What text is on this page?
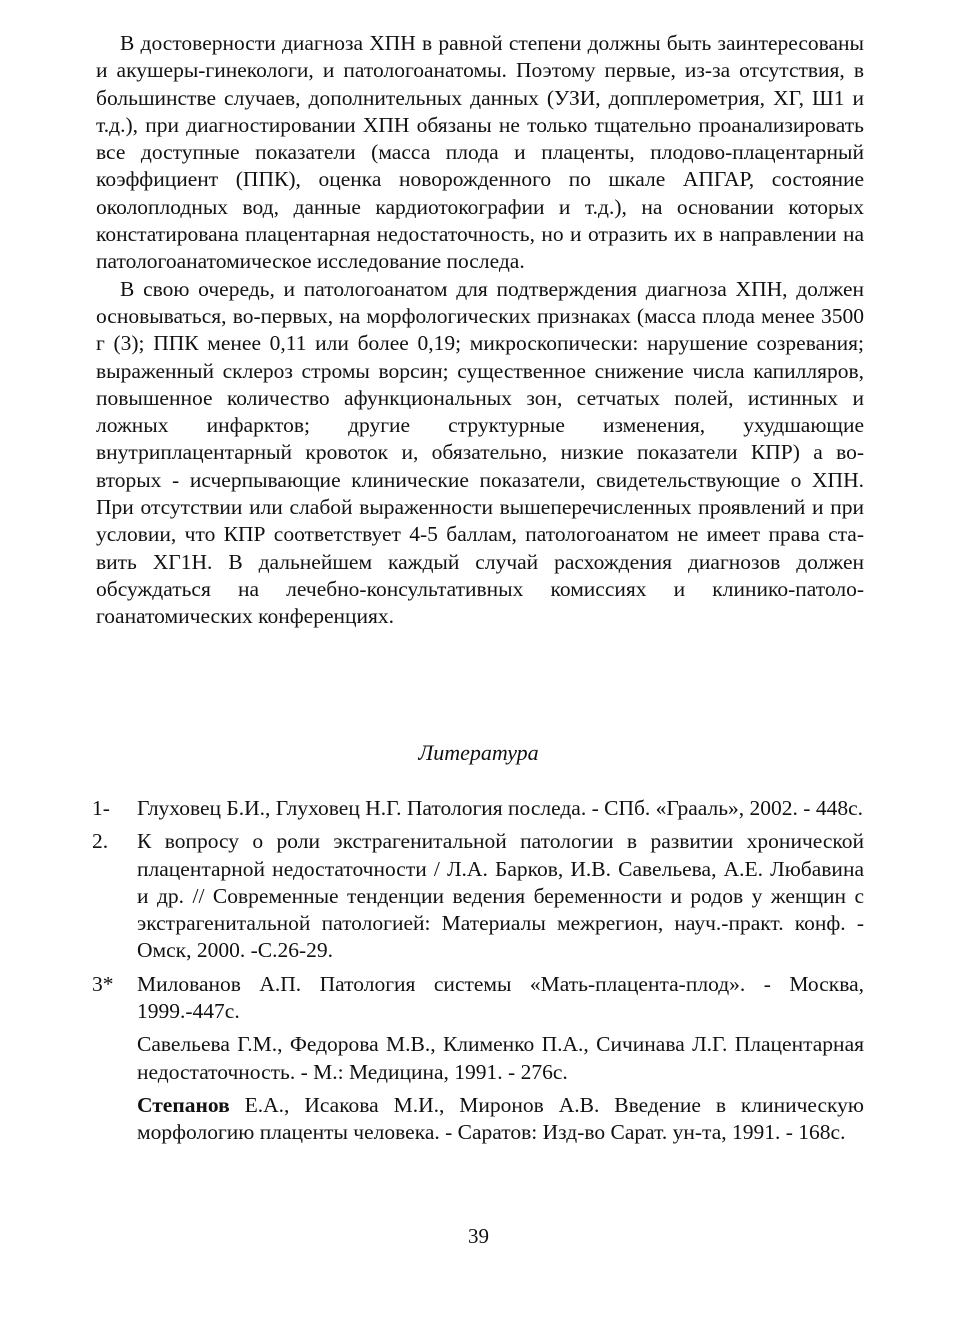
В достоверности диагноза ХПН в равной степени должны быть заинтересованы и акушеры-гинекологи, и патологоанатомы. Поэтому первые, из-за отсутствия, в большинстве случаев, дополнительных данных (УЗИ, допплерометрия, ХГ, Ш1 и т.д.), при диагностировании ХПН обязаны не только тщательно проанализировать все доступные показатели (масса плода и плаценты, плодово-плацентарный коэффициент (ППК), оценка новорожденного по шкале АПГАР, состояние околоплодных вод, данные кардиотокографии и т.д.), на основании которых констатирована плацентарная недостаточность, но и отразить их в направлении на патологоанатомическое исследование последа.

В свою очередь, и патологоанатом для подтверждения диагноза ХПН, должен основываться, во-первых, на морфологических признаках (масса плода менее 3500 г (3); ППК менее 0,11 или более 0,19; микроскопически: нарушение созревания; выраженный склероз стромы ворсин; существенное снижение числа капилляров, повышенное количество афункциональных зон, сетчатых полей, истинных и ложных инфарктов; другие структурные изменения, ухудшающие внутриплацентарный кровоток и, обязательно, низкие показатели КПР) а во-вторых - исчерпывающие клинические показатели, свидетельствующие о ХПН. При отсутствии или слабой выраженности вышеперечисленных проявлений и при условии, что КПР соответствует 4-5 баллам, патологоанатом не имеет права ставить ХГ1Н. В дальнейшем каждый случай расхождения диагнозов должен обсуждаться на лечебно-консультативных комиссиях и клинико-патологоанатомических конференциях.

Литература
1-	Глуховец Б.И., Глуховец Н.Г. Патология последа. - СПб. «Грааль», 2002. - 448с.
2.	К вопросу о роли экстрагенитальной патологии в развитии хронической плацентарной недостаточности / Л.А. Барков, И.В. Савельева, А.Е. Любавина и др. // Современные тенденции ведения беременности и родов у женщин с экстрагенитальной патологией: Материалы межрегион, науч.-практ. конф. - Омск, 2000. -С.26-29.
3*	Милованов А.П. Патология системы «Мать-плацента-плод». - Москва, 1999.-447с.
Савельева Г.М., Федорова М.В., Клименко П.А., Сичинава Л.Г. Плацентарная недостаточность. - М.: Медицина, 1991. - 276с.
Степанов Е.А., Исакова М.И., Миронов А.В. Введение в клиническую морфологию плаценты человека. - Саратов: Изд-во Сарат. ун-та, 1991. - 168с.
39
